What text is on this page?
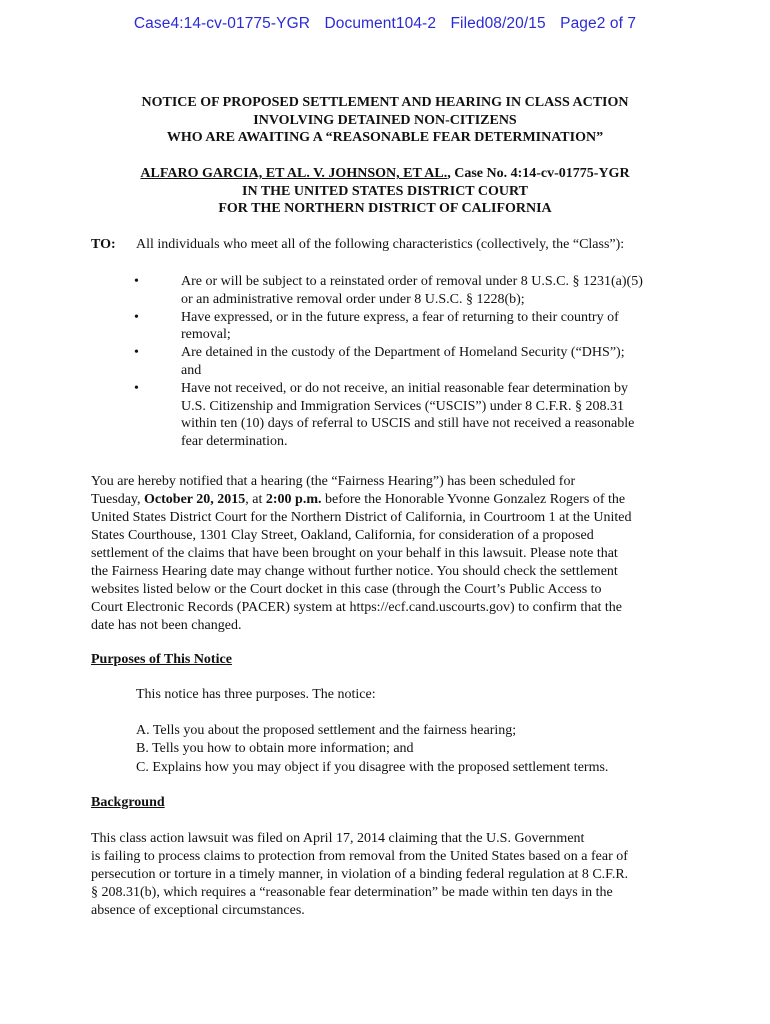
Case4:14-cv-01775-YGR Document104-2 Filed08/20/15 Page2 of 7
NOTICE OF PROPOSED SETTLEMENT AND HEARING IN CLASS ACTION
INVOLVING DETAINED NON-CITIZENS
WHO ARE AWAITING A “REASONABLE FEAR DETERMINATION”
ALFARO GARCIA, ET AL. V. JOHNSON, ET AL., Case No. 4:14-cv-01775-YGR
IN THE UNITED STATES DISTRICT COURT
FOR THE NORTHERN DISTRICT OF CALIFORNIA
TO: All individuals who meet all of the following characteristics (collectively, the “Class”):
•	Are or will be subject to a reinstated order of removal under 8 U.S.C. § 1231(a)(5)
or an administrative removal order under 8 U.S.C. § 1228(b);
•	Have expressed, or in the future express, a fear of returning to their country of
removal;
•	Are detained in the custody of the Department of Homeland Security (“DHS”);
and
•	Have not received, or do not receive, an initial reasonable fear determination by
U.S. Citizenship and Immigration Services (“USCIS”) under 8 C.F.R. § 208.31
within ten (10) days of referral to USCIS and still have not received a reasonable
fear determination.
You are hereby notified that a hearing (the “Fairness Hearing”) has been scheduled for
Tuesday, October 20, 2015, at 2:00 p.m. before the Honorable Yvonne Gonzalez Rogers of the
United States District Court for the Northern District of California, in Courtroom 1 at the United
States Courthouse, 1301 Clay Street, Oakland, California, for consideration of a proposed
settlement of the claims that have been brought on your behalf in this lawsuit. Please note that
the Fairness Hearing date may change without further notice. You should check the settlement
websites listed below or the Court docket in this case (through the Court’s Public Access to
Court Electronic Records (PACER) system at https://ecf.cand.uscourts.gov) to confirm that the
date has not been changed.
Purposes of This Notice
This notice has three purposes. The notice:
A. Tells you about the proposed settlement and the fairness hearing;
B. Tells you how to obtain more information; and
C. Explains how you may object if you disagree with the proposed settlement terms.
Background
This class action lawsuit was filed on April 17, 2014 claiming that the U.S. Government
is failing to process claims to protection from removal from the United States based on a fear of
persecution or torture in a timely manner, in violation of a binding federal regulation at 8 C.F.R.
§ 208.31(b), which requires a “reasonable fear determination” be made within ten days in the
absence of exceptional circumstances.
